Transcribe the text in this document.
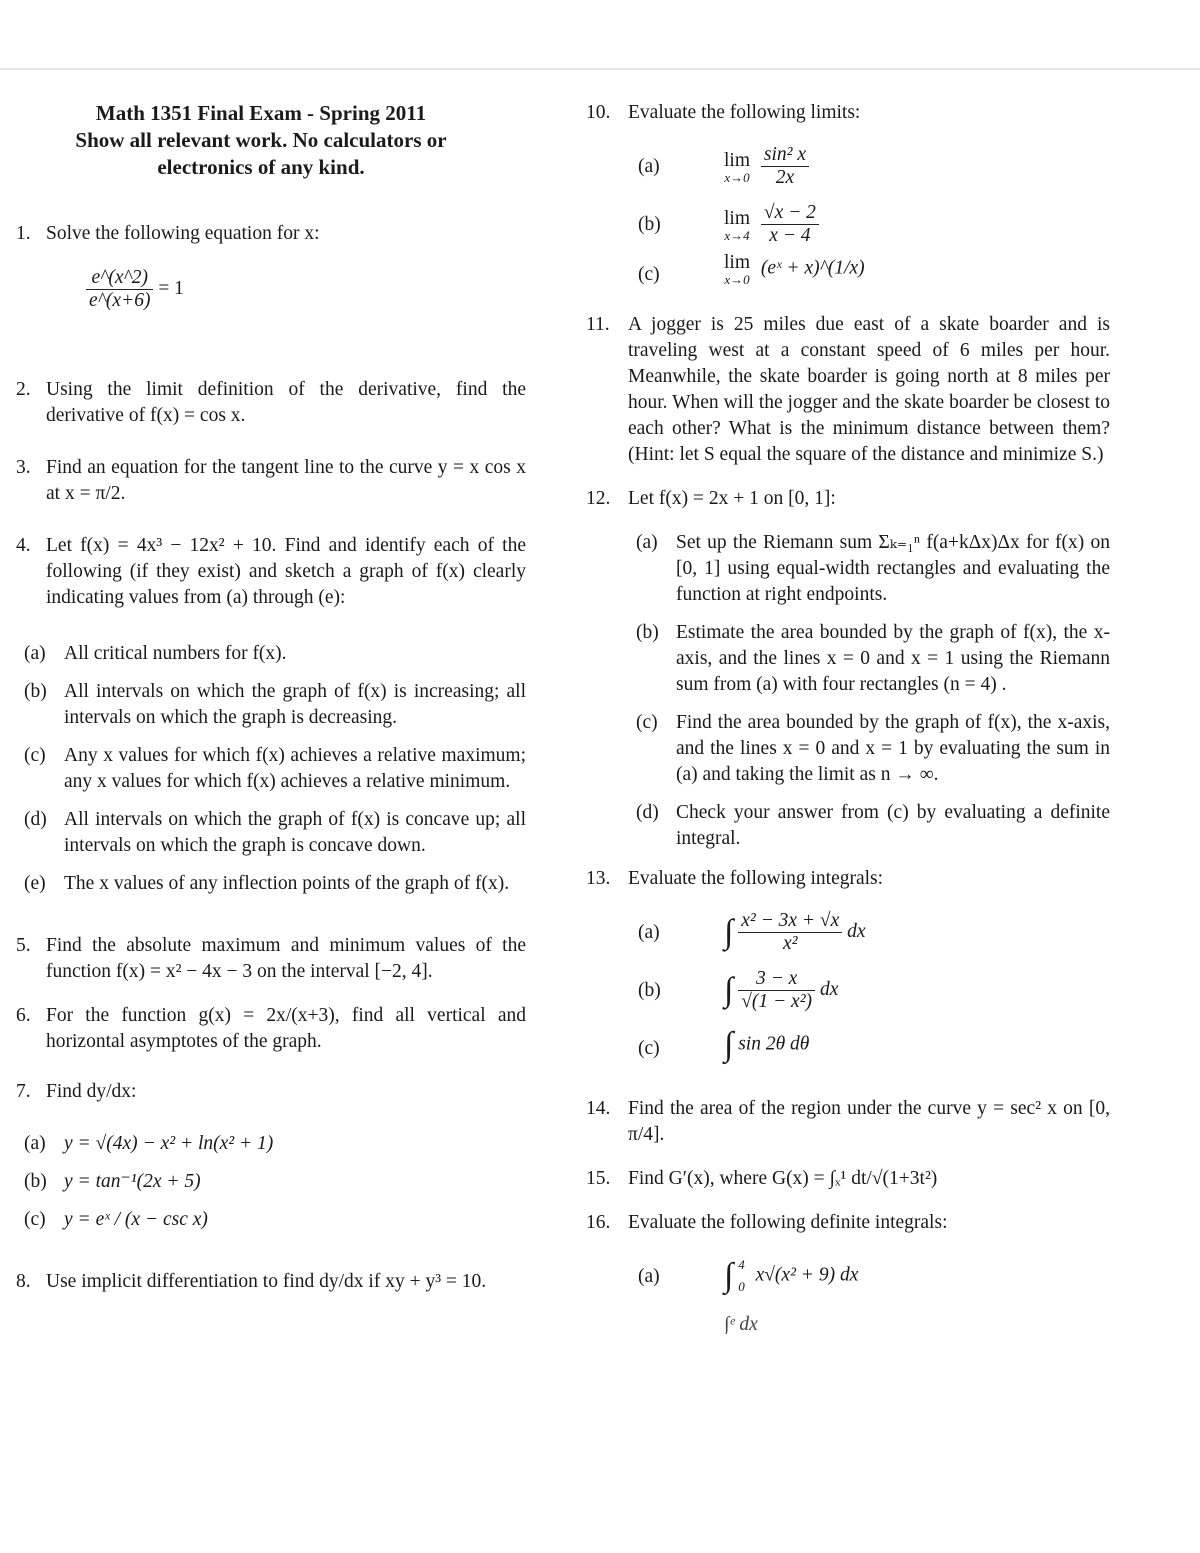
Math 1351 Final Exam - Spring 2011
Show all relevant work. No calculators or
electronics of any kind.
1. Solve the following equation for x:
$\frac{e\^{}(x\^{}2)}{e\^{}(x+6)} = 1$
2. Using the limit definition of the derivative, find the derivative of f(x) = cos x.
3. Find an equation for the tangent line to the curve y = x cos x at x = π/2.
4. Let f(x) = 4x³ − 12x² + 10. Find and identify each of the following (if they exist) and sketch a graph of f(x) clearly indicating values from (a) through (e):
(a) All critical numbers for f(x).
(b) All intervals on which the graph of f(x) is increasing; all intervals on which the graph is decreasing.
(c) Any x values for which f(x) achieves a relative maximum; any x values for which f(x) achieves a relative minimum.
(d) All intervals on which the graph of f(x) is concave up; all intervals on which the graph is concave down.
(e) The x values of any inflection points of the graph of f(x).
5. Find the absolute maximum and minimum values of the function f(x) = x² − 4x − 3 on the interval [−2, 4].
6. For the function g(x) = 2x/(x+3), find all vertical and horizontal asymptotes of the graph.
7. Find dy/dx:
(a) y = √(4x) − x² + ln(x² + 1)
(b) y = tan⁻¹(2x + 5)
(c) y = eˣ / (x − csc x)
8. Use implicit differentiation to find dy/dx if xy + y³ = 10.
10. Evaluate the following limits:
(a)	lim
x→0
$\frac{\text{sin² x}}{2x}$
(b)	lim
x→4
$\frac{√x - 2}{x - 4}$
(c)
lim
x→0
(eˣ + x)^(1/x)
11. A jogger is 25 miles due east of a skate boarder and is traveling west at a constant speed of 6 miles per hour. Meanwhile, the skate boarder is going north at 8 miles per hour. When will the jogger and the skate boarder be closest to each other? What is the minimum distance between them? (Hint: let S equal the square of the distance and minimize S.)
12. Let f(x) = 2x + 1 on [0, 1]:
(a) Set up the Riemann sum Σₖ₌₁ⁿ f(a+kΔx)Δx for f(x) on [0, 1] using equal-width rectangles and evaluating the function at right endpoints.
(b) Estimate the area bounded by the graph of f(x), the x-axis, and the lines x = 0 and x = 1 using the Riemann sum from (a) with four rectangles (n = 4) .
(c) Find the area bounded by the graph of f(x), the x-axis, and the lines x = 0 and x = 1 by evaluating the sum in (a) and taking the limit as n → ∞.
(d) Check your answer from (c) by evaluating a definite integral.
13. Evaluate the following integrals:
(a) ∫ $\frac{\text{x² − 3x + √x}}{\text{x²}}$ dx
(b) ∫ $\frac{3 - x}{\text{√(1 − x²)}}$ dx
(c) ∫ sin 2θ dθ
14. Find the area of the region under the curve y = sec² x on [0, π/4].
15. Find G′(x), where G(x) = ∫ₓ¹ dt/√(1+3t²)
16. Evaluate the following definite integrals:
(a) ∫ 4
0
x√(x² + 9) dx
∫ᵉ dx
